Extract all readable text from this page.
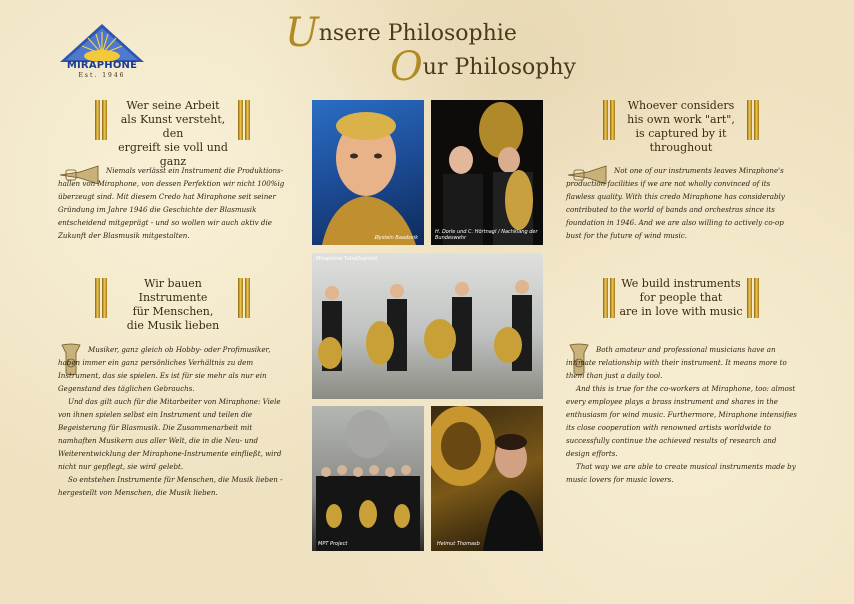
MIRAPHONE
Est. 1946
Unsere Philosophie
Our Philosophy
Wer seine Arbeit
als Kunst versteht, den
ergreift sie voll und ganz

Niemals verlässt ein Instrument die Produktions-hallen von Miraphone, von dessen Perfektion wir nicht 100%ig überzeugt sind. Mit diesem Credo hat Miraphone seit seiner Gründung im Jahre 1946 die Geschichte der Blasmusik entscheidend mitgeprägt - und so wollen wir auch aktiv die Zukunft der Blasmusik mitgestalten.

Wir bauen Instrumente
für Menschen,
die Musik lieben

Musiker, ganz gleich ob Hobby- oder Profimusiker, haben immer ein ganz persönliches Verhältnis zu dem Instrument, das sie spielen. Es ist für sie mehr als nur ein Gegenstand des täglichen Gebrauchs.

Und das gilt auch für die Mitarbeiter von Miraphone: Viele von ihnen spielen selbst ein Instrument und teilen die Begeisterung für Blasmusik. Die Zusammenarbeit mit namhaften Musikern aus aller Welt, die in die Neu- und Weiterentwicklung der Miraphone-Instrumente einfließt, wird nicht nur gepflegt, sie wird gelebt.

So entstehen Instrumente für Menschen, die Musik lieben - hergestellt von Menschen, die Musik lieben.

Øystein Baadsvik
H. Dorle und C. Hörtnagl / Nachklang der Bundeswehr
Miraphone TubaQuartett
MPT Project	Helmut Thomasb
Whoever considers
his own work "art",
is captured by it throughout

Not one of our instruments leaves Miraphone's production facilities if we are not wholly convinced of its flawless quality. With this credo Miraphone has considerably contributed to the world of bands and orchestras since its foundation in 1946. And we are also willing to actively co-op bust for the future of wind music.

We build instruments
for people that
are in love with music

Both amateur and professional musicians have an intimate relationship with their instrument. It means more to them than just a daily tool.

And this is true for the co-workers at Miraphone, too: almost every employee plays a brass instrument and shares in the enthusiasm for wind music. Furthermore, Miraphone intensifies its close cooperation with renowned artists worldwide to successfully continue the achieved results of research and design efforts.

That way we are able to create musical instruments made by music lovers for music lovers.
